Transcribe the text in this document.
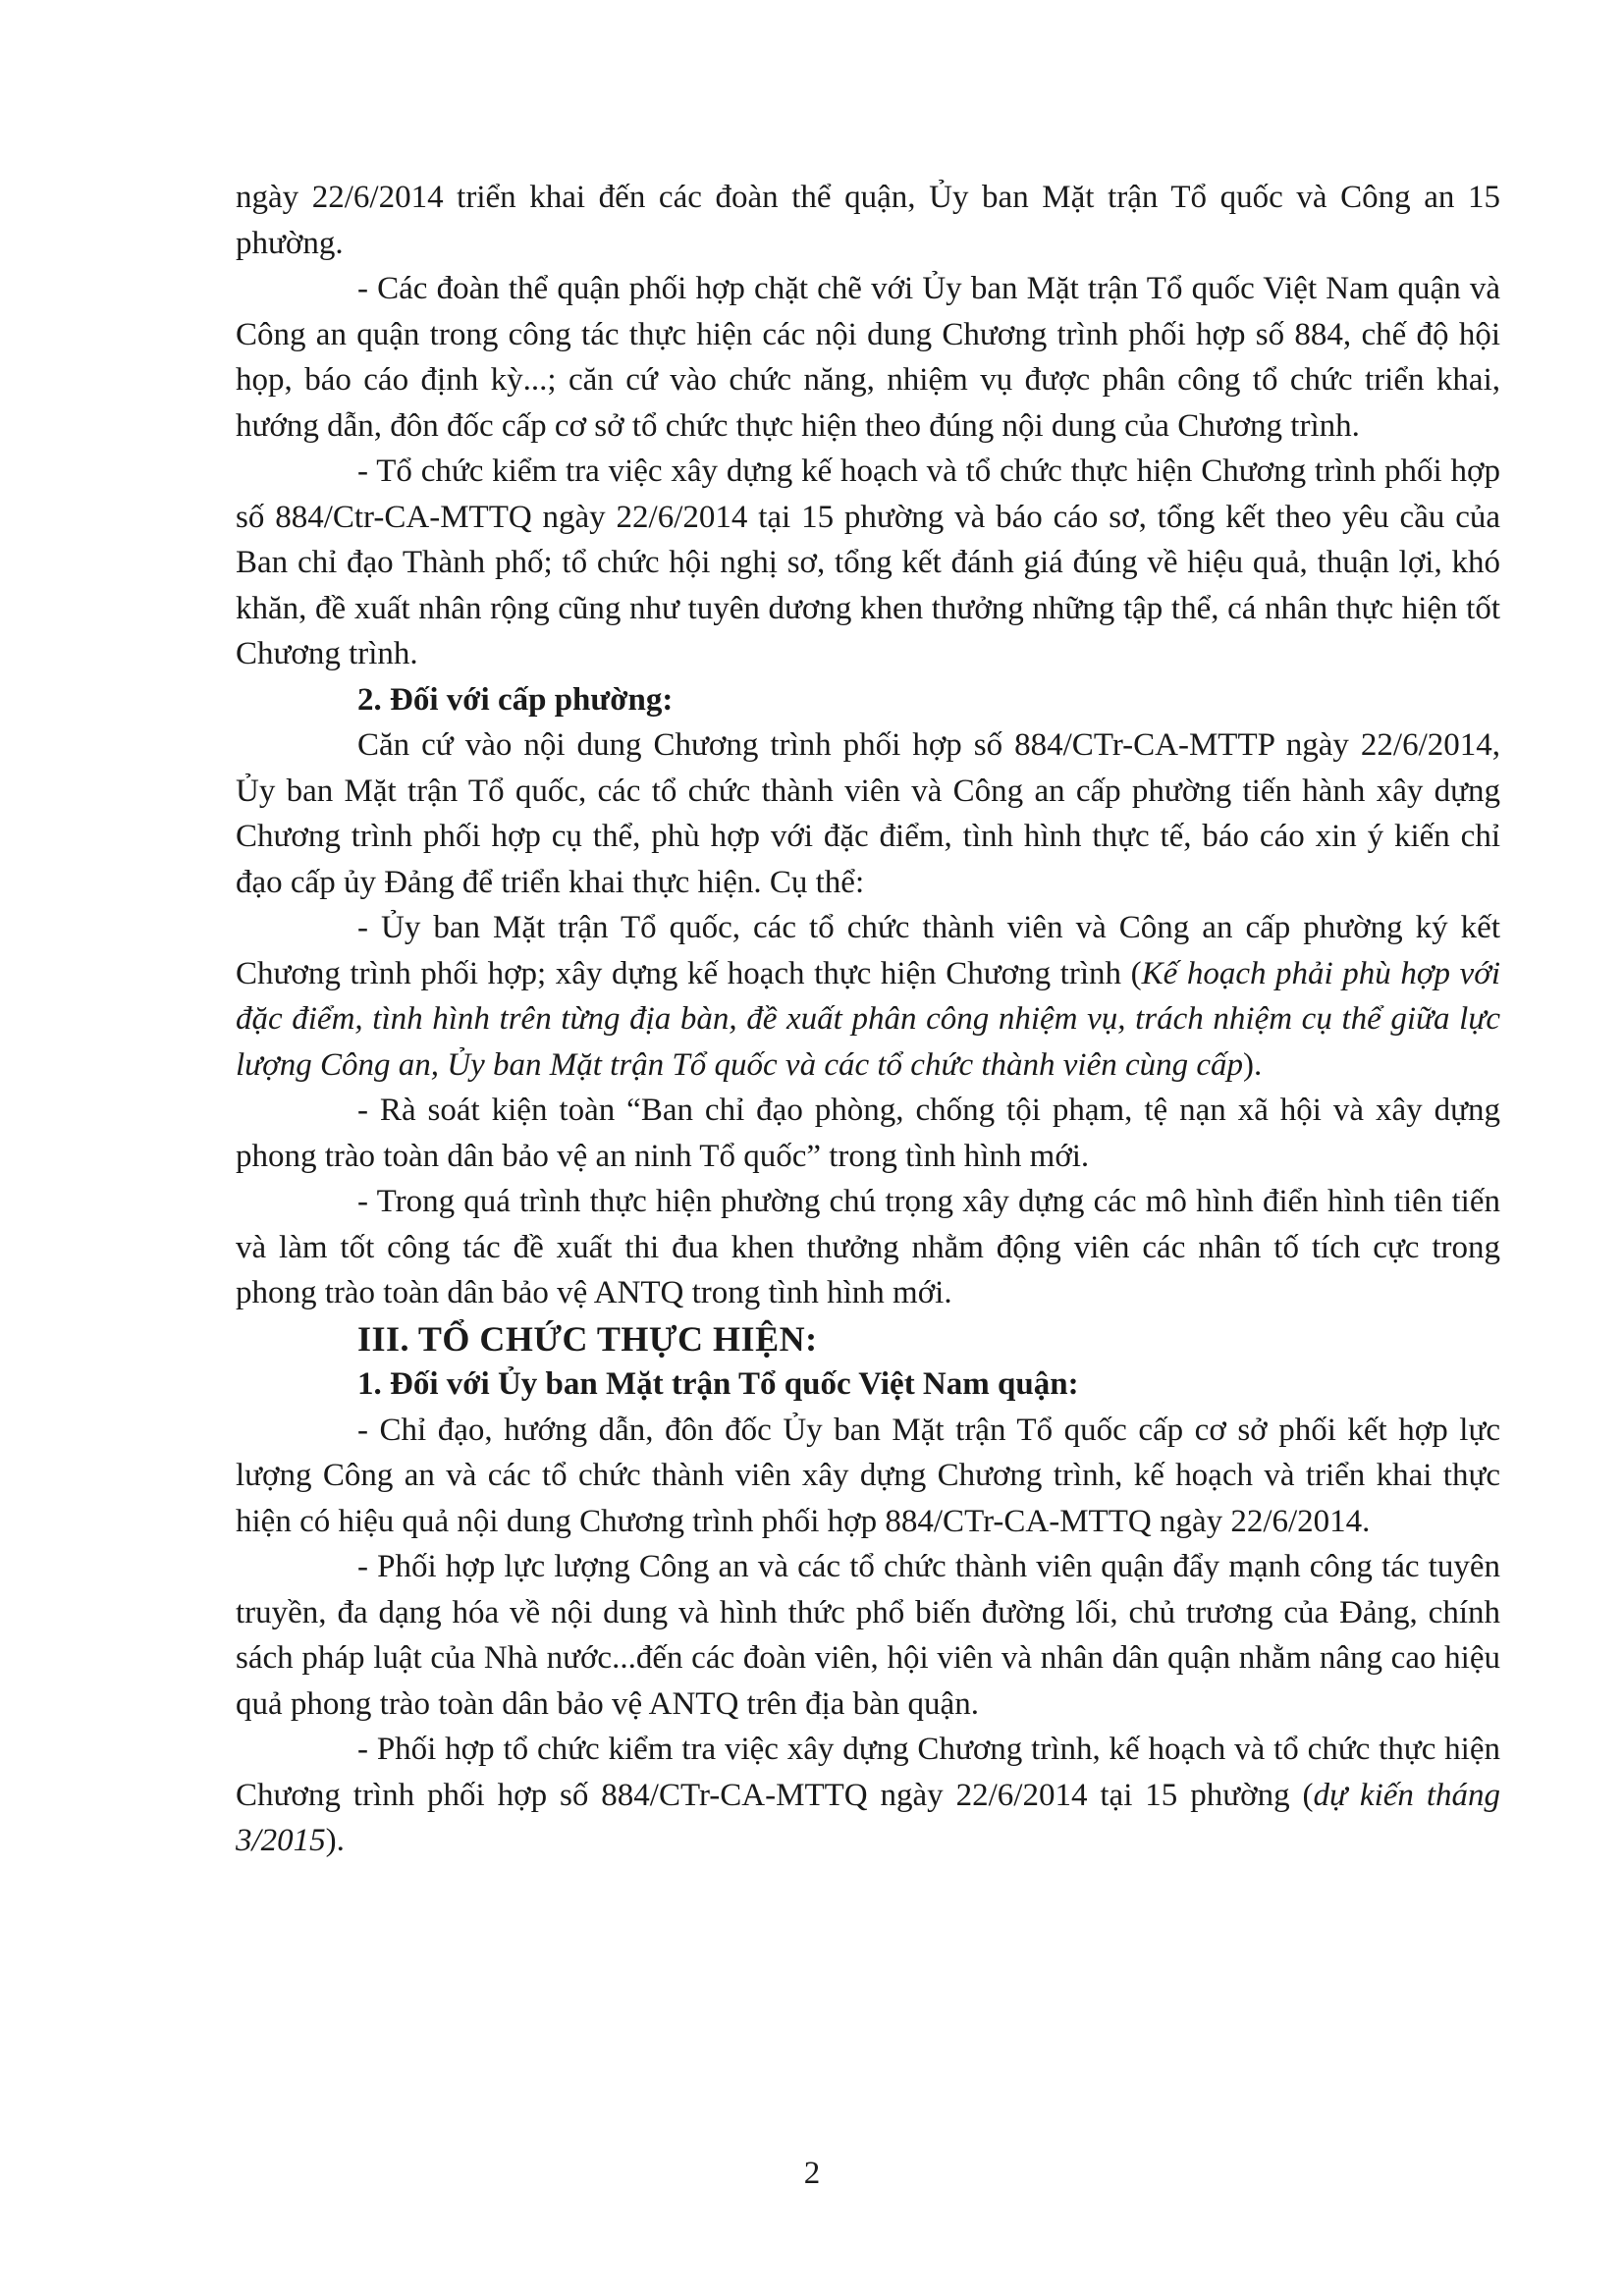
ngày 22/6/2014 triển khai đến các đoàn thể quận, Ủy ban Mặt trận Tổ quốc và Công an 15 phường.

- Các đoàn thể quận phối hợp chặt chẽ với Ủy ban Mặt trận Tổ quốc Việt Nam quận và Công an quận trong công tác thực hiện các nội dung Chương trình phối hợp số 884, chế độ hội họp, báo cáo định kỳ...; căn cứ vào chức năng, nhiệm vụ được phân công tổ chức triển khai, hướng dẫn, đôn đốc cấp cơ sở tổ chức thực hiện theo đúng nội dung của Chương trình.

- Tổ chức kiểm tra việc xây dựng kế hoạch và tổ chức thực hiện Chương trình phối hợp số 884/Ctr-CA-MTTQ ngày 22/6/2014 tại 15 phường và báo cáo sơ, tổng kết theo yêu cầu của Ban chỉ đạo Thành phố; tổ chức hội nghị sơ, tổng kết đánh giá đúng về hiệu quả, thuận lợi, khó khăn, đề xuất nhân rộng cũng như tuyên dương khen thưởng những tập thể, cá nhân thực hiện tốt Chương trình.

2. Đối với cấp phường:

Căn cứ vào nội dung Chương trình phối hợp số 884/CTr-CA-MTTP ngày 22/6/2014, Ủy ban Mặt trận Tổ quốc, các tổ chức thành viên và Công an cấp phường tiến hành xây dựng Chương trình phối hợp cụ thể, phù hợp với đặc điểm, tình hình thực tế, báo cáo xin ý kiến chỉ đạo cấp ủy Đảng để triển khai thực hiện. Cụ thể:

- Ủy ban Mặt trận Tổ quốc, các tổ chức thành viên và Công an cấp phường ký kết Chương trình phối hợp; xây dựng kế hoạch thực hiện Chương trình (Kế hoạch phải phù hợp với đặc điểm, tình hình trên từng địa bàn, đề xuất phân công nhiệm vụ, trách nhiệm cụ thể giữa lực lượng Công an, Ủy ban Mặt trận Tổ quốc và các tổ chức thành viên cùng cấp).

- Rà soát kiện toàn “Ban chỉ đạo phòng, chống tội phạm, tệ nạn xã hội và xây dựng phong trào toàn dân bảo vệ an ninh Tổ quốc” trong tình hình mới.

- Trong quá trình thực hiện phường chú trọng xây dựng các mô hình điển hình tiên tiến và làm tốt công tác đề xuất thi đua khen thưởng nhằm động viên các nhân tố tích cực trong phong trào toàn dân bảo vệ ANTQ trong tình hình mới.

III. TỔ CHỨC THỰC HIỆN:

1. Đối với Ủy ban Mặt trận Tổ quốc Việt Nam quận:

- Chỉ đạo, hướng dẫn, đôn đốc Ủy ban Mặt trận Tổ quốc cấp cơ sở phối kết hợp lực lượng Công an và các tổ chức thành viên xây dựng Chương trình, kế hoạch và triển khai thực hiện có hiệu quả nội dung Chương trình phối hợp 884/CTr-CA-MTTQ ngày 22/6/2014.

- Phối hợp lực lượng Công an và các tổ chức thành viên quận đẩy mạnh công tác tuyên truyền, đa dạng hóa về nội dung và hình thức phổ biến đường lối, chủ trương của Đảng, chính sách pháp luật của Nhà nước...đến các đoàn viên, hội viên và nhân dân quận nhằm nâng cao hiệu quả phong trào toàn dân bảo vệ ANTQ trên địa bàn quận.

- Phối hợp tổ chức kiểm tra việc xây dựng Chương trình, kế hoạch và tổ chức thực hiện Chương trình phối hợp số 884/CTr-CA-MTTQ ngày 22/6/2014 tại 15 phường (dự kiến tháng 3/2015).

2
